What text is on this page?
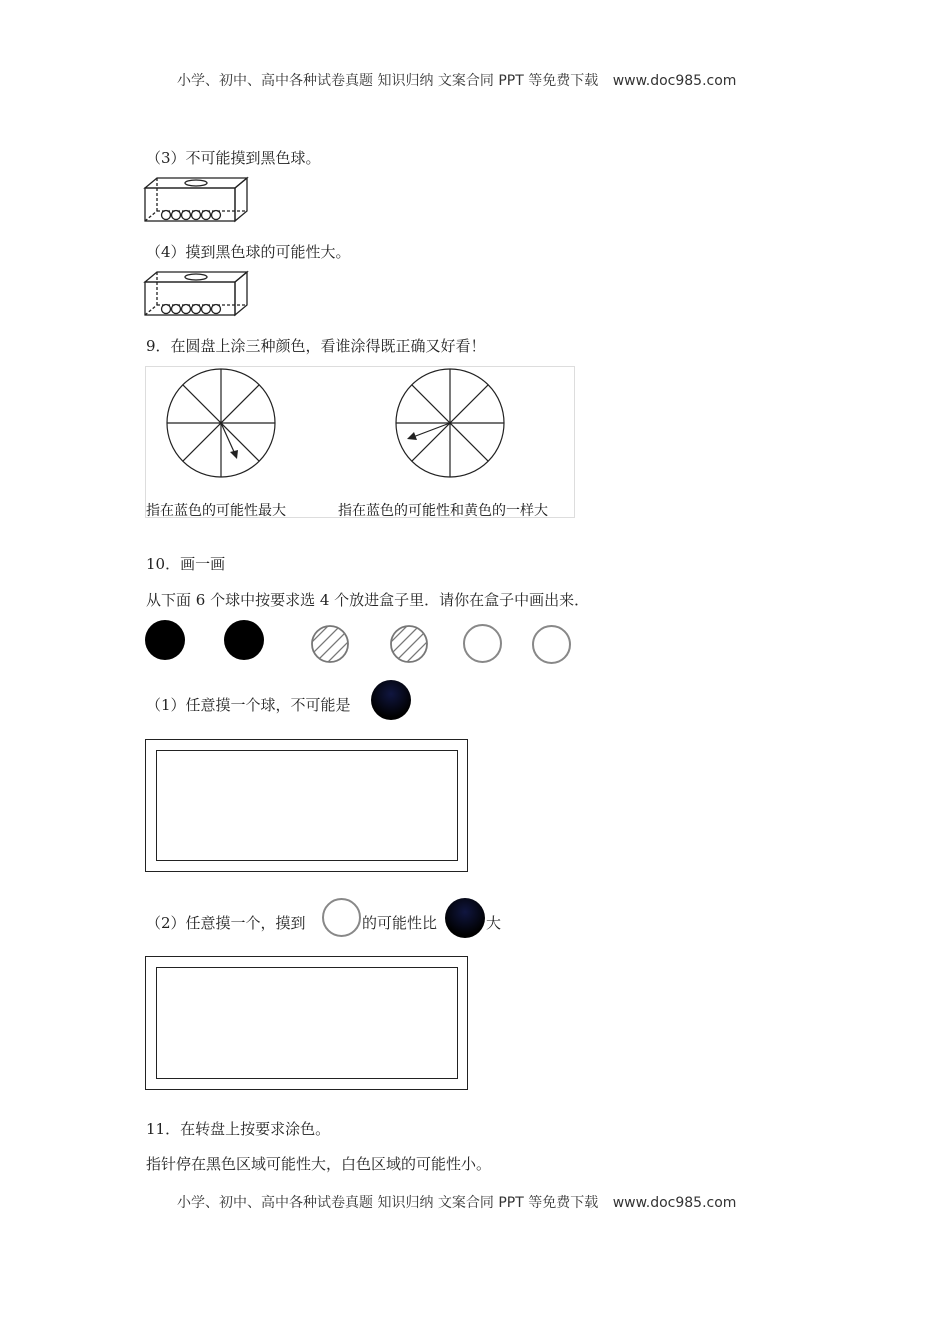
小学、初中、高中各种试卷真题 知识归纳 文案合同 PPT 等免费下载 www.doc985.com
（3）不可能摸到黑色球。
（4）摸到黑色球的可能性大。
9．在圆盘上涂三种颜色，看谁涂得既正确又好看！
指在蓝色的可能性最大	指在蓝色的可能性和黄色的一样大
10．画一画
从下面 6 个球中按要求选 4 个放进盒子里．请你在盒子中画出来．
（1）任意摸一个球，不可能是
（2）任意摸一个，摸到	的可能性比	大
11．在转盘上按要求涂色。
指针停在黑色区域可能性大，白色区域的可能性小。
小学、初中、高中各种试卷真题 知识归纳 文案合同 PPT 等免费下载 www.doc985.com
